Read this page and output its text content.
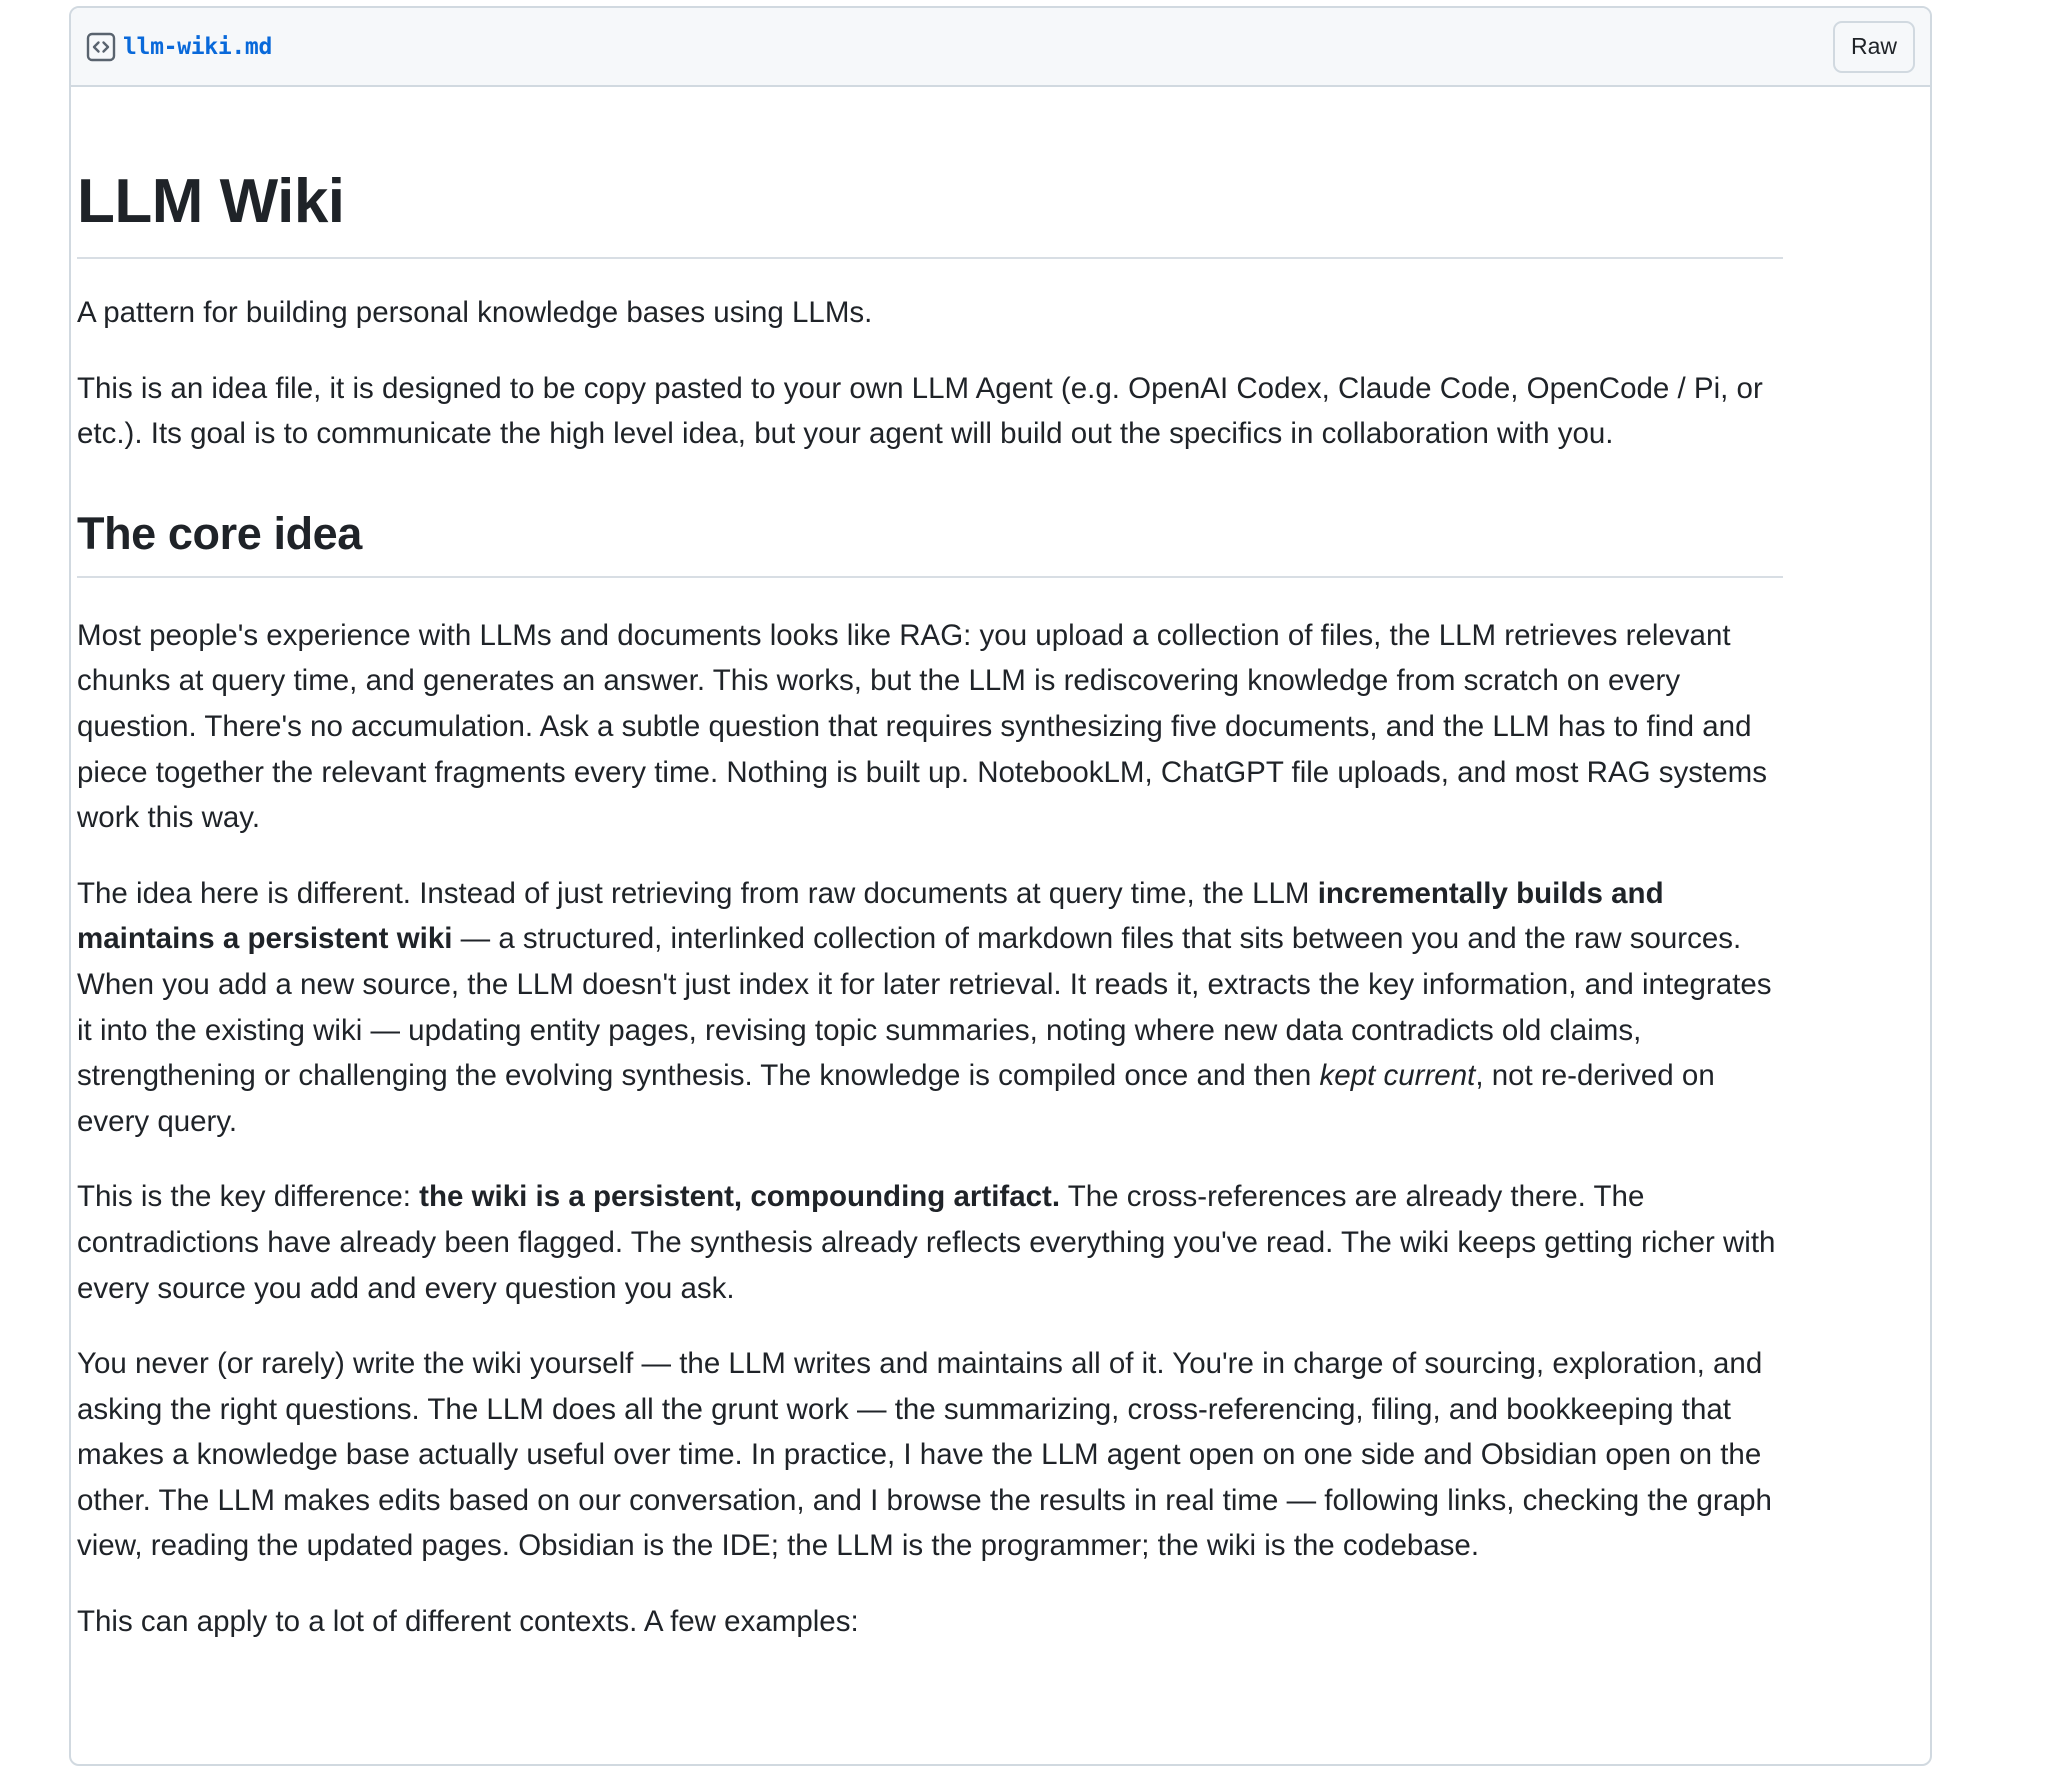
llm-wiki.md	Raw
LLM Wiki

A pattern for building personal knowledge bases using LLMs.

This is an idea file, it is designed to be copy pasted to your own LLM Agent (e.g. OpenAI Codex, Claude Code, OpenCode / Pi, or etc.). Its goal is to communicate the high level idea, but your agent will build out the specifics in collaboration with you.

The core idea

Most people's experience with LLMs and documents looks like RAG: you upload a collection of files, the LLM retrieves relevant chunks at query time, and generates an answer. This works, but the LLM is rediscovering knowledge from scratch on every question. There's no accumulation. Ask a subtle question that requires synthesizing five documents, and the LLM has to find and piece together the relevant fragments every time. Nothing is built up. NotebookLM, ChatGPT file uploads, and most RAG systems work this way.

The idea here is different. Instead of just retrieving from raw documents at query time, the LLM incrementally builds and maintains a persistent wiki — a structured, interlinked collection of markdown files that sits between you and the raw sources. When you add a new source, the LLM doesn't just index it for later retrieval. It reads it, extracts the key information, and integrates it into the existing wiki — updating entity pages, revising topic summaries, noting where new data contradicts old claims, strengthening or challenging the evolving synthesis. The knowledge is compiled once and then kept current, not re-derived on every query.

This is the key difference: the wiki is a persistent, compounding artifact. The cross-references are already there. The contradictions have already been flagged. The synthesis already reflects everything you've read. The wiki keeps getting richer with every source you add and every question you ask.

You never (or rarely) write the wiki yourself — the LLM writes and maintains all of it. You're in charge of sourcing, exploration, and asking the right questions. The LLM does all the grunt work — the summarizing, cross-referencing, filing, and bookkeeping that makes a knowledge base actually useful over time. In practice, I have the LLM agent open on one side and Obsidian open on the other. The LLM makes edits based on our conversation, and I browse the results in real time — following links, checking the graph view, reading the updated pages. Obsidian is the IDE; the LLM is the programmer; the wiki is the codebase.

This can apply to a lot of different contexts. A few examples:
